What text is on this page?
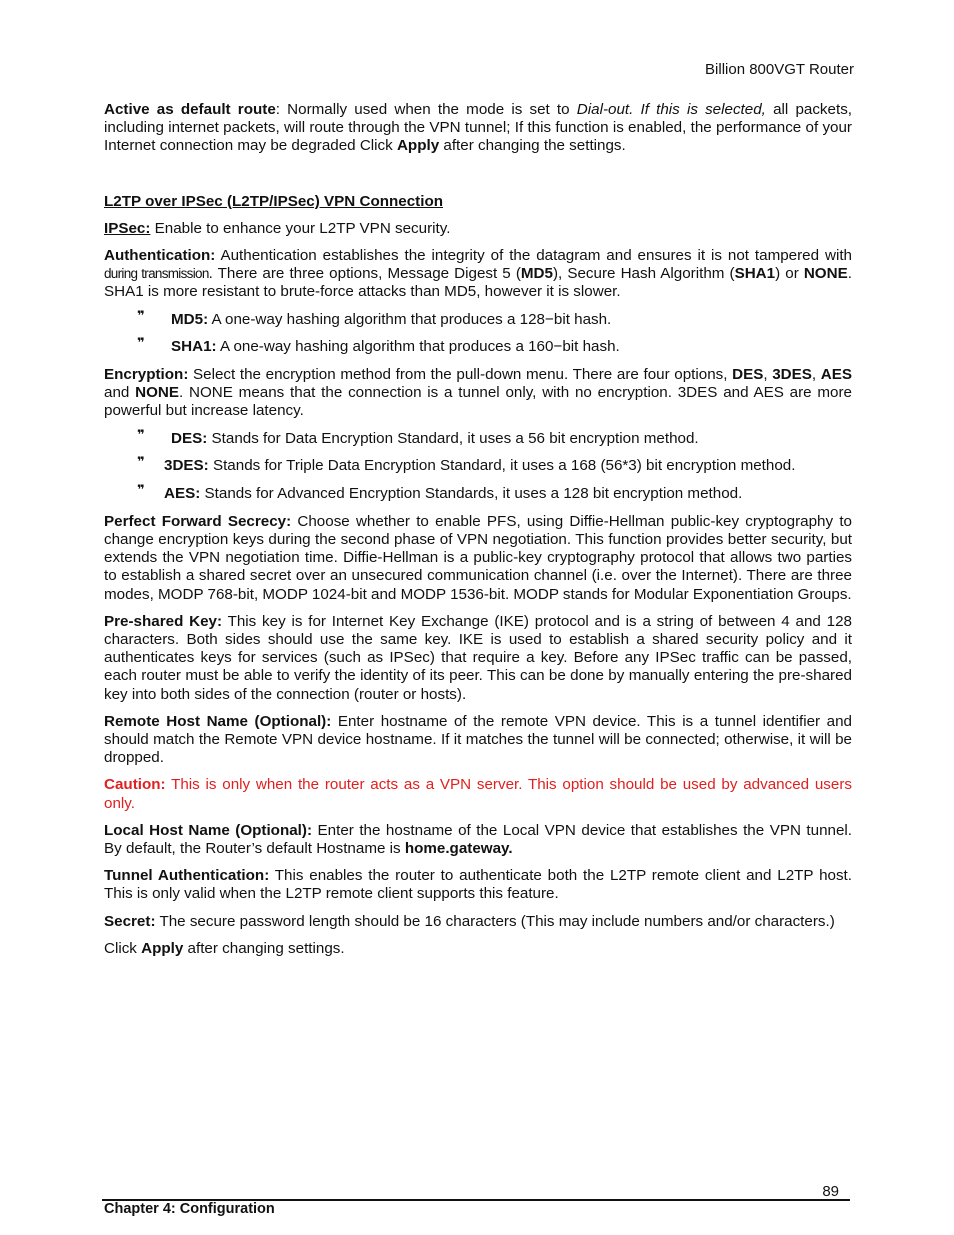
Billion 800VGT Router

Active as default route: Normally used when the mode is set to Dial-out. If this is selected, all packets, including internet packets, will route through the VPN tunnel; If this function is enabled, the performance of your Internet connection may be degraded Click Apply after changing the settings.

L2TP over IPSec (L2TP/IPSec) VPN Connection

IPSec: Enable to enhance your L2TP VPN security.

Authentication: Authentication establishes the integrity of the datagram and ensures it is not tampered with during transmission. There are three options, Message Digest 5 (MD5), Secure Hash Algorithm (SHA1) or NONE. SHA1 is more resistant to brute-force attacks than MD5, however it is slower.

❞	MD5: A one-way hashing algorithm that produces a 128−bit hash.
❞	SHA1: A one-way hashing algorithm that produces a 160−bit hash.

Encryption: Select the encryption method from the pull-down menu. There are four options, DES, 3DES, AES and NONE. NONE means that the connection is a tunnel only, with no encryption. 3DES and AES are more powerful but increase latency.

❞	DES: Stands for Data Encryption Standard, it uses a 56 bit encryption method.
❞	3DES: Stands for Triple Data Encryption Standard, it uses a 168 (56*3) bit encryption method.
❞	AES: Stands for Advanced Encryption Standards, it uses a 128 bit encryption method.

Perfect Forward Secrecy: Choose whether to enable PFS, using Diffie-Hellman public-key cryptography to change encryption keys during the second phase of VPN negotiation. This function provides better security, but extends the VPN negotiation time. Diffie-Hellman is a public-key cryptography protocol that allows two parties to establish a shared secret over an unsecured communication channel (i.e. over the Internet). There are three modes, MODP 768-bit, MODP 1024-bit and MODP 1536-bit. MODP stands for Modular Exponentiation Groups.

Pre-shared Key: This key is for Internet Key Exchange (IKE) protocol and is a string of between 4 and 128 characters. Both sides should use the same key. IKE is used to establish a shared security policy and it authenticates keys for services (such as IPSec) that require a key. Before any IPSec traffic can be passed, each router must be able to verify the identity of its peer. This can be done by manually entering the pre-shared key into both sides of the connection (router or hosts).

Remote Host Name (Optional): Enter hostname of the remote VPN device. This is a tunnel identifier and should match the Remote VPN device hostname. If it matches the tunnel will be connected; otherwise, it will be dropped.

Caution: This is only when the router acts as a VPN server. This option should be used by advanced users only.

Local Host Name (Optional): Enter the hostname of the Local VPN device that establishes the VPN tunnel. By default, the Router’s default Hostname is home.gateway.

Tunnel Authentication: This enables the router to authenticate both the L2TP remote client and L2TP host. This is only valid when the L2TP remote client supports this feature.

Secret: The secure password length should be 16 characters (This may include numbers and/or characters.)

Click Apply after changing settings.

89
Chapter 4: Configuration
